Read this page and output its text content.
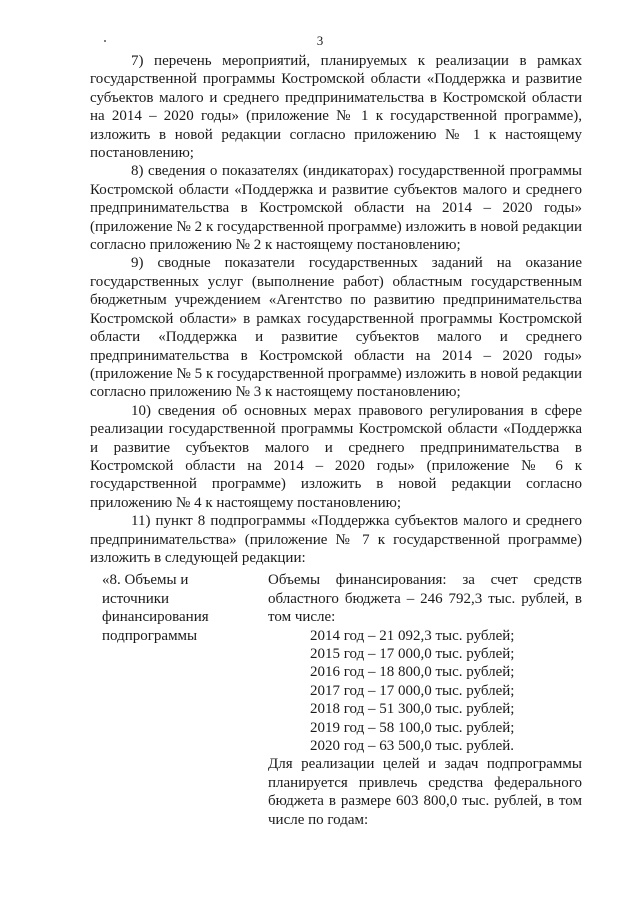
3

7) перечень мероприятий, планируемых к реализации в рамках государственной программы Костромской области «Поддержка и развитие субъектов малого и среднего предпринимательства в Костромской области на 2014 – 2020 годы» (приложение № 1 к государственной программе), изложить в новой редакции согласно приложению № 1 к настоящему постановлению;

8) сведения о показателях (индикаторах) государственной программы Костромской области «Поддержка и развитие субъектов малого и среднего предпринимательства в Костромской области на 2014 – 2020 годы» (приложение № 2 к государственной программе) изложить в новой редакции согласно приложению № 2 к настоящему постановлению;

9) сводные показатели государственных заданий на оказание государственных услуг (выполнение работ) областным государственным бюджетным учреждением «Агентство по развитию предпринимательства Костромской области» в рамках государственной программы Костромской области «Поддержка и развитие субъектов малого и среднего предпринимательства в Костромской области на 2014 – 2020 годы» (приложение № 5 к государственной программе) изложить в новой редакции согласно приложению № 3 к настоящему постановлению;

10) сведения об основных мерах правового регулирования в сфере реализации государственной программы Костромской области «Поддержка и развитие субъектов малого и среднего предпринимательства в Костромской области на 2014 – 2020 годы» (приложение № 6 к государственной программе) изложить в новой редакции согласно приложению № 4 к настоящему постановлению;

11) пункт 8 подпрограммы «Поддержка субъектов малого и среднего предпринимательства» (приложение № 7 к государственной программе) изложить в следующей редакции:

«8. Объемы и
источники
финансирования
подпрограммы
Объемы финансирования: за счет средств областного бюджета – 246 792,3 тыс. рублей, в том числе:
2014 год – 21 092,3 тыс. рублей;
2015 год – 17 000,0 тыс. рублей;
2016 год – 18 800,0 тыс. рублей;
2017 год – 17 000,0 тыс. рублей;
2018 год – 51 300,0 тыс. рублей;
2019 год – 58 100,0 тыс. рублей;
2020 год – 63 500,0 тыс. рублей.
Для реализации целей и задач подпрограммы планируется привлечь средства федерального бюджета в размере 603 800,0 тыс. рублей, в том числе по годам:
